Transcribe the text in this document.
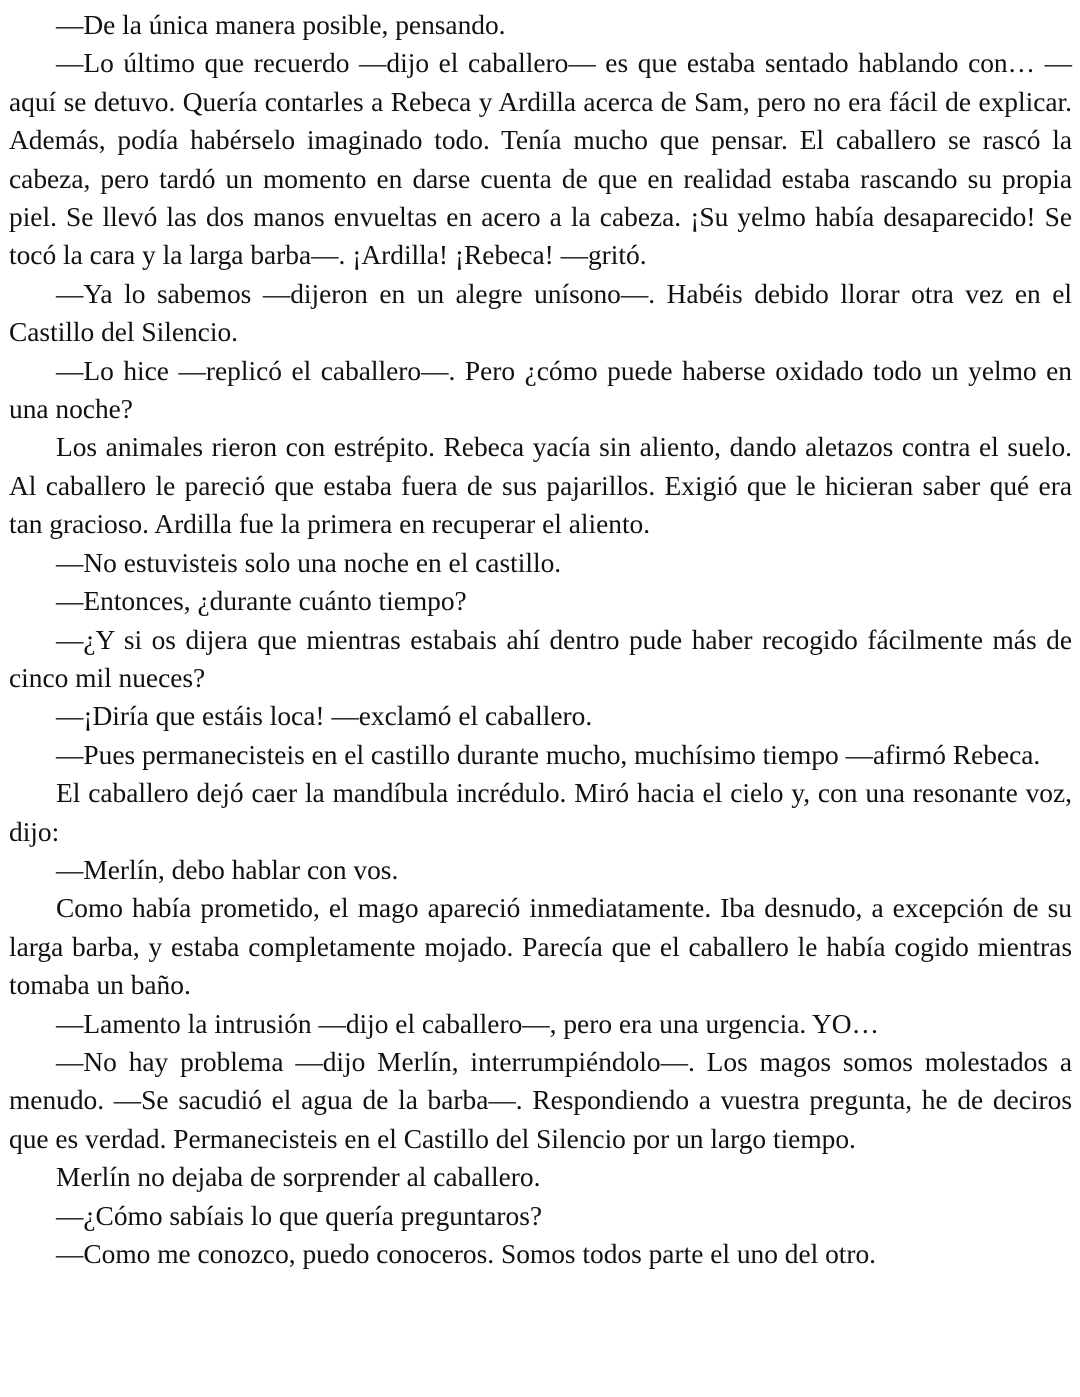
—De la única manera posible, pensando.

—Lo último que recuerdo —dijo el caballero— es que estaba sentado hablando con… —aquí se detuvo. Quería contarles a Rebeca y Ardilla acerca de Sam, pero no era fácil de explicar. Además, podía habérselo imaginado todo. Tenía mucho que pensar. El caballero se rascó la cabeza, pero tardó un momento en darse cuenta de que en realidad estaba rascando su propia piel. Se llevó las dos manos envueltas en acero a la cabeza. ¡Su yelmo había desaparecido! Se tocó la cara y la larga barba—. ¡Ardilla! ¡Rebeca! —gritó.

—Ya lo sabemos —dijeron en un alegre unísono—. Habéis debido llorar otra vez en el Castillo del Silencio.

—Lo hice —replicó el caballero—. Pero ¿cómo puede haberse oxidado todo un yelmo en una noche?

Los animales rieron con estrépito. Rebeca yacía sin aliento, dando aletazos contra el suelo. Al caballero le pareció que estaba fuera de sus pajarillos. Exigió que le hicieran saber qué era tan gracioso. Ardilla fue la primera en recuperar el aliento.

—No estuvisteis solo una noche en el castillo.

—Entonces, ¿durante cuánto tiempo?

—¿Y si os dijera que mientras estabais ahí dentro pude haber recogido fácilmente más de cinco mil nueces?

—¡Diría que estáis loca! —exclamó el caballero.

—Pues permanecisteis en el castillo durante mucho, muchísimo tiempo —afirmó Rebeca.

El caballero dejó caer la mandíbula incrédulo. Miró hacia el cielo y, con una resonante voz, dijo:

—Merlín, debo hablar con vos.

Como había prometido, el mago apareció inmediatamente. Iba desnudo, a excepción de su larga barba, y estaba completamente mojado. Parecía que el caballero le había cogido mientras tomaba un baño.

—Lamento la intrusión —dijo el caballero—, pero era una urgencia. YO…

—No hay problema —dijo Merlín, interrumpiéndolo—. Los magos somos molestados a menudo. —Se sacudió el agua de la barba—. Respondiendo a vuestra pregunta, he de deciros que es verdad. Permanecisteis en el Castillo del Silencio por un largo tiempo.

Merlín no dejaba de sorprender al caballero.

—¿Cómo sabíais lo que quería preguntaros?

—Como me conozco, puedo conoceros. Somos todos parte el uno del otro.
